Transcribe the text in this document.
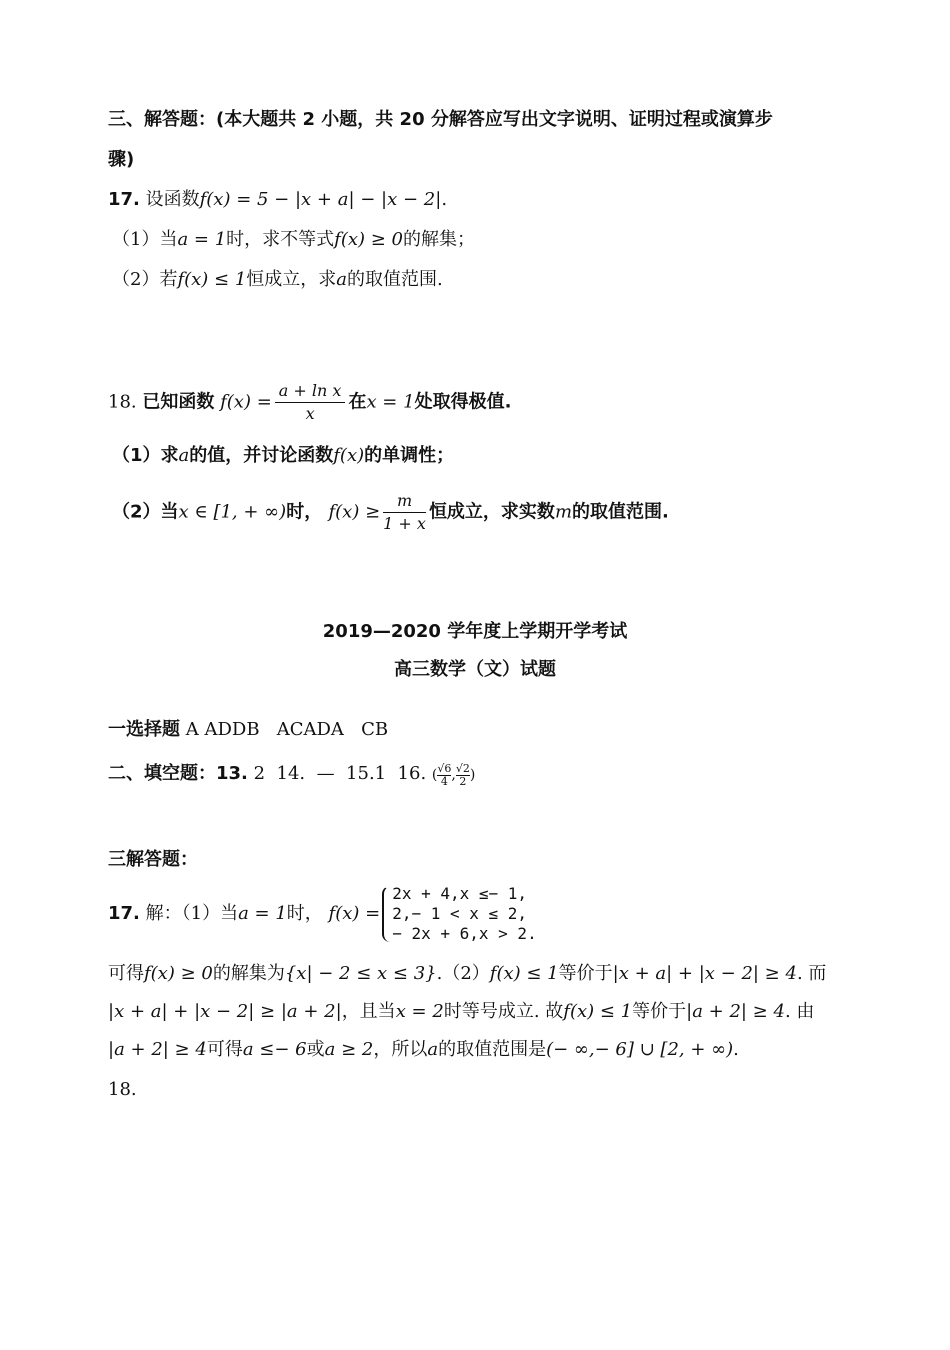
三、解答题：(本大题共 2 小题，共 20 分解答应写出文字说明、证明过程或演算步
骤)
17. 设函数f(x) = 5 − |x + a| − |x − 2|.
（1）当a = 1时，求不等式f(x) ≥ 0的解集；
（2）若f(x) ≤ 1恒成立，求a的取值范围.
18. 已知函数 $f(x) = \frac{\text{a + ln x}}{x}$ 在x = 1处取得极值.
（1）求a的值，并讨论函数f(x)的单调性；
（2）当x ∈ [1, + ∞)时， $f(x) \ge \frac{m}{1 + x}$ 恒成立，求实数m的取值范围.
2019—2020 学年度上学期开学考试
高三数学（文）试题
一选择题 A ADDB   ACADA   CB
二、填空题：13. 2  14.  —  15.1  16. ( $\frac{√6}{4}$ , $\frac{√2}{2}$ )
三解答题：
17. 解：（1）当a = 1时， f(x) =
2x + 4,x ≤− 1,
2,− 1 < x ≤ 2,
− 2x + 6,x > 2.
可得f(x) ≥ 0的解集为{x| − 2 ≤ x ≤ 3}.（2）f(x) ≤ 1等价于|x + a| + |x − 2| ≥ 4. 而
|x + a| + |x − 2| ≥ |a + 2|，且当x = 2时等号成立. 故f(x) ≤ 1等价于|a + 2| ≥ 4. 由
|a + 2| ≥ 4可得a ≤− 6或a ≥ 2，所以a的取值范围是(− ∞,− 6] ∪ [2, + ∞).
18.
